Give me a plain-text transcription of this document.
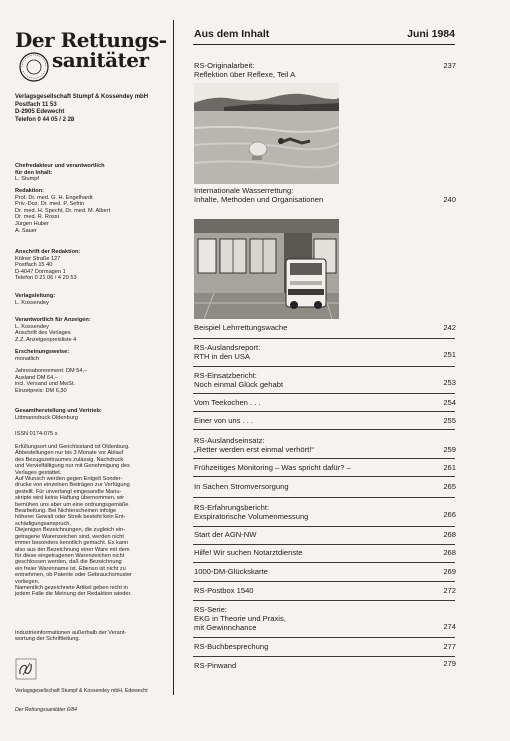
Der Rettungs-
sanitäter
Verlagsgesellschaft Stumpf & Kossendey mbH
Postfach 11 53
D-2905 Edewecht
Telefon 0 44 05 / 2 28
Chefredakteur und verantwortlich
für den Inhalt:
L. Stumpf
Redaktion:
Prof. Dr. med. G. H. Engelhardt
Priv.-Doz. Dr. med. P. Sefrin
Dr. med. H. Specht, Dr. med. M. Albert
Dr. med. R. Rossi
Jürgen Huber
A. Sauer
Anschrift der Redaktion:
Kölner Straße 127
Postfach 15 40
D-4047 Dormagen 1
Telefon 0 21 06 / 4 20 53
Verlagsleitung:
L. Kossendey
Verantwortlich für Anzeigen:
L. Kossendey
Anschrift des Verlages
Z.Z. Anzeigenpreisliste 4
Erscheinungsweise:
monatlich
Jahresabonnement: DM 54,–
Ausland DM 64,–
incl. Versand und MwSt.
Einzelpreis: DM 6,30
Gesamtherstellung und Vertrieb:
Littmanndruck Oldenburg
ISSN 0174-075 x
Erfüllungsort und Gerichtsstand ist Oldenburg.
Abbestellungen nur bis 3 Monate vor Ablauf
des Bezugszeitraumes zulässig. Nachdruck
und Vervielfältigung nur mit Genehmigung des
Verlages gestattet.
Auf Wunsch werden gegen Entgelt Sonder-
drucke von einzelnen Beiträgen zur Verfügung
gestellt. Für unverlangt eingesandte Manu-
skripte wird keine Haftung übernommen, wir
bemühen uns aber um eine ordnungsgemäße
Bearbeitung. Bei Nichterscheinen infolge
höherer Gewalt oder Streik besteht kein Ent-
schädigungsanspruch.
Diejenigen Bezeichnungen, die zugleich ein-
getragene Warenzeichen sind, werden nicht
immer besonders kenntlich gemacht. Es kann
also aus der Bezeichnung einer Ware mit dem
für diese eingetragenen Warenzeichen nicht
geschlossen werden, daß die Bezeichnung
ein freier Warenname ist. Ebenso ist nicht zu
entnehmen, ob Patente oder Gebrauchsmuster
vorliegen.
Namentlich gezeichnete Artikel geben nicht in
jedem Falle die Meinung der Redaktion wieder.
Industrieinformationen außerhalb der Verant-
wortung der Schriftleitung.
Verlagsgesellschaft Stumpf & Kossendey mbH, Edewecht
Der Rettungssanitäter 6/84
Aus dem Inhalt	Juni 1984
RS-Originalarbeit:
Reflektion über Reflexe, Teil A
237
Internationale Wasserrettung:
Inhalte, Methoden und Organisationen	240
Beispiel Lehrrettungswache	242
RS-Auslandsreport:
RTH in den USA	251
RS-Einsatzbericht:
Noch einmal Glück gehabt	253
Vom Teekochen . . .	254
Einer von uns . . .	255
RS-Auslandseinsatz:
„Retter werden erst einmal verhört!“	259
Frühzeitiges Monitoring – Was spricht dafür? –	261
In Sachen Stromversorgung	265
RS-Erfahrungsbericht:
Exspiratorische Volumenmessung	266
Start der AGN-NW	268
Hilfe! Wir suchen Notarztdienste	268
1000-DM-Glückskarte	269
RS-Postbox 1540	272
RS-Serie:
EKG in Theorie und Praxis,
mit Gewinnchance	274
RS-Buchbesprechung	277
RS-Pinwand	279
